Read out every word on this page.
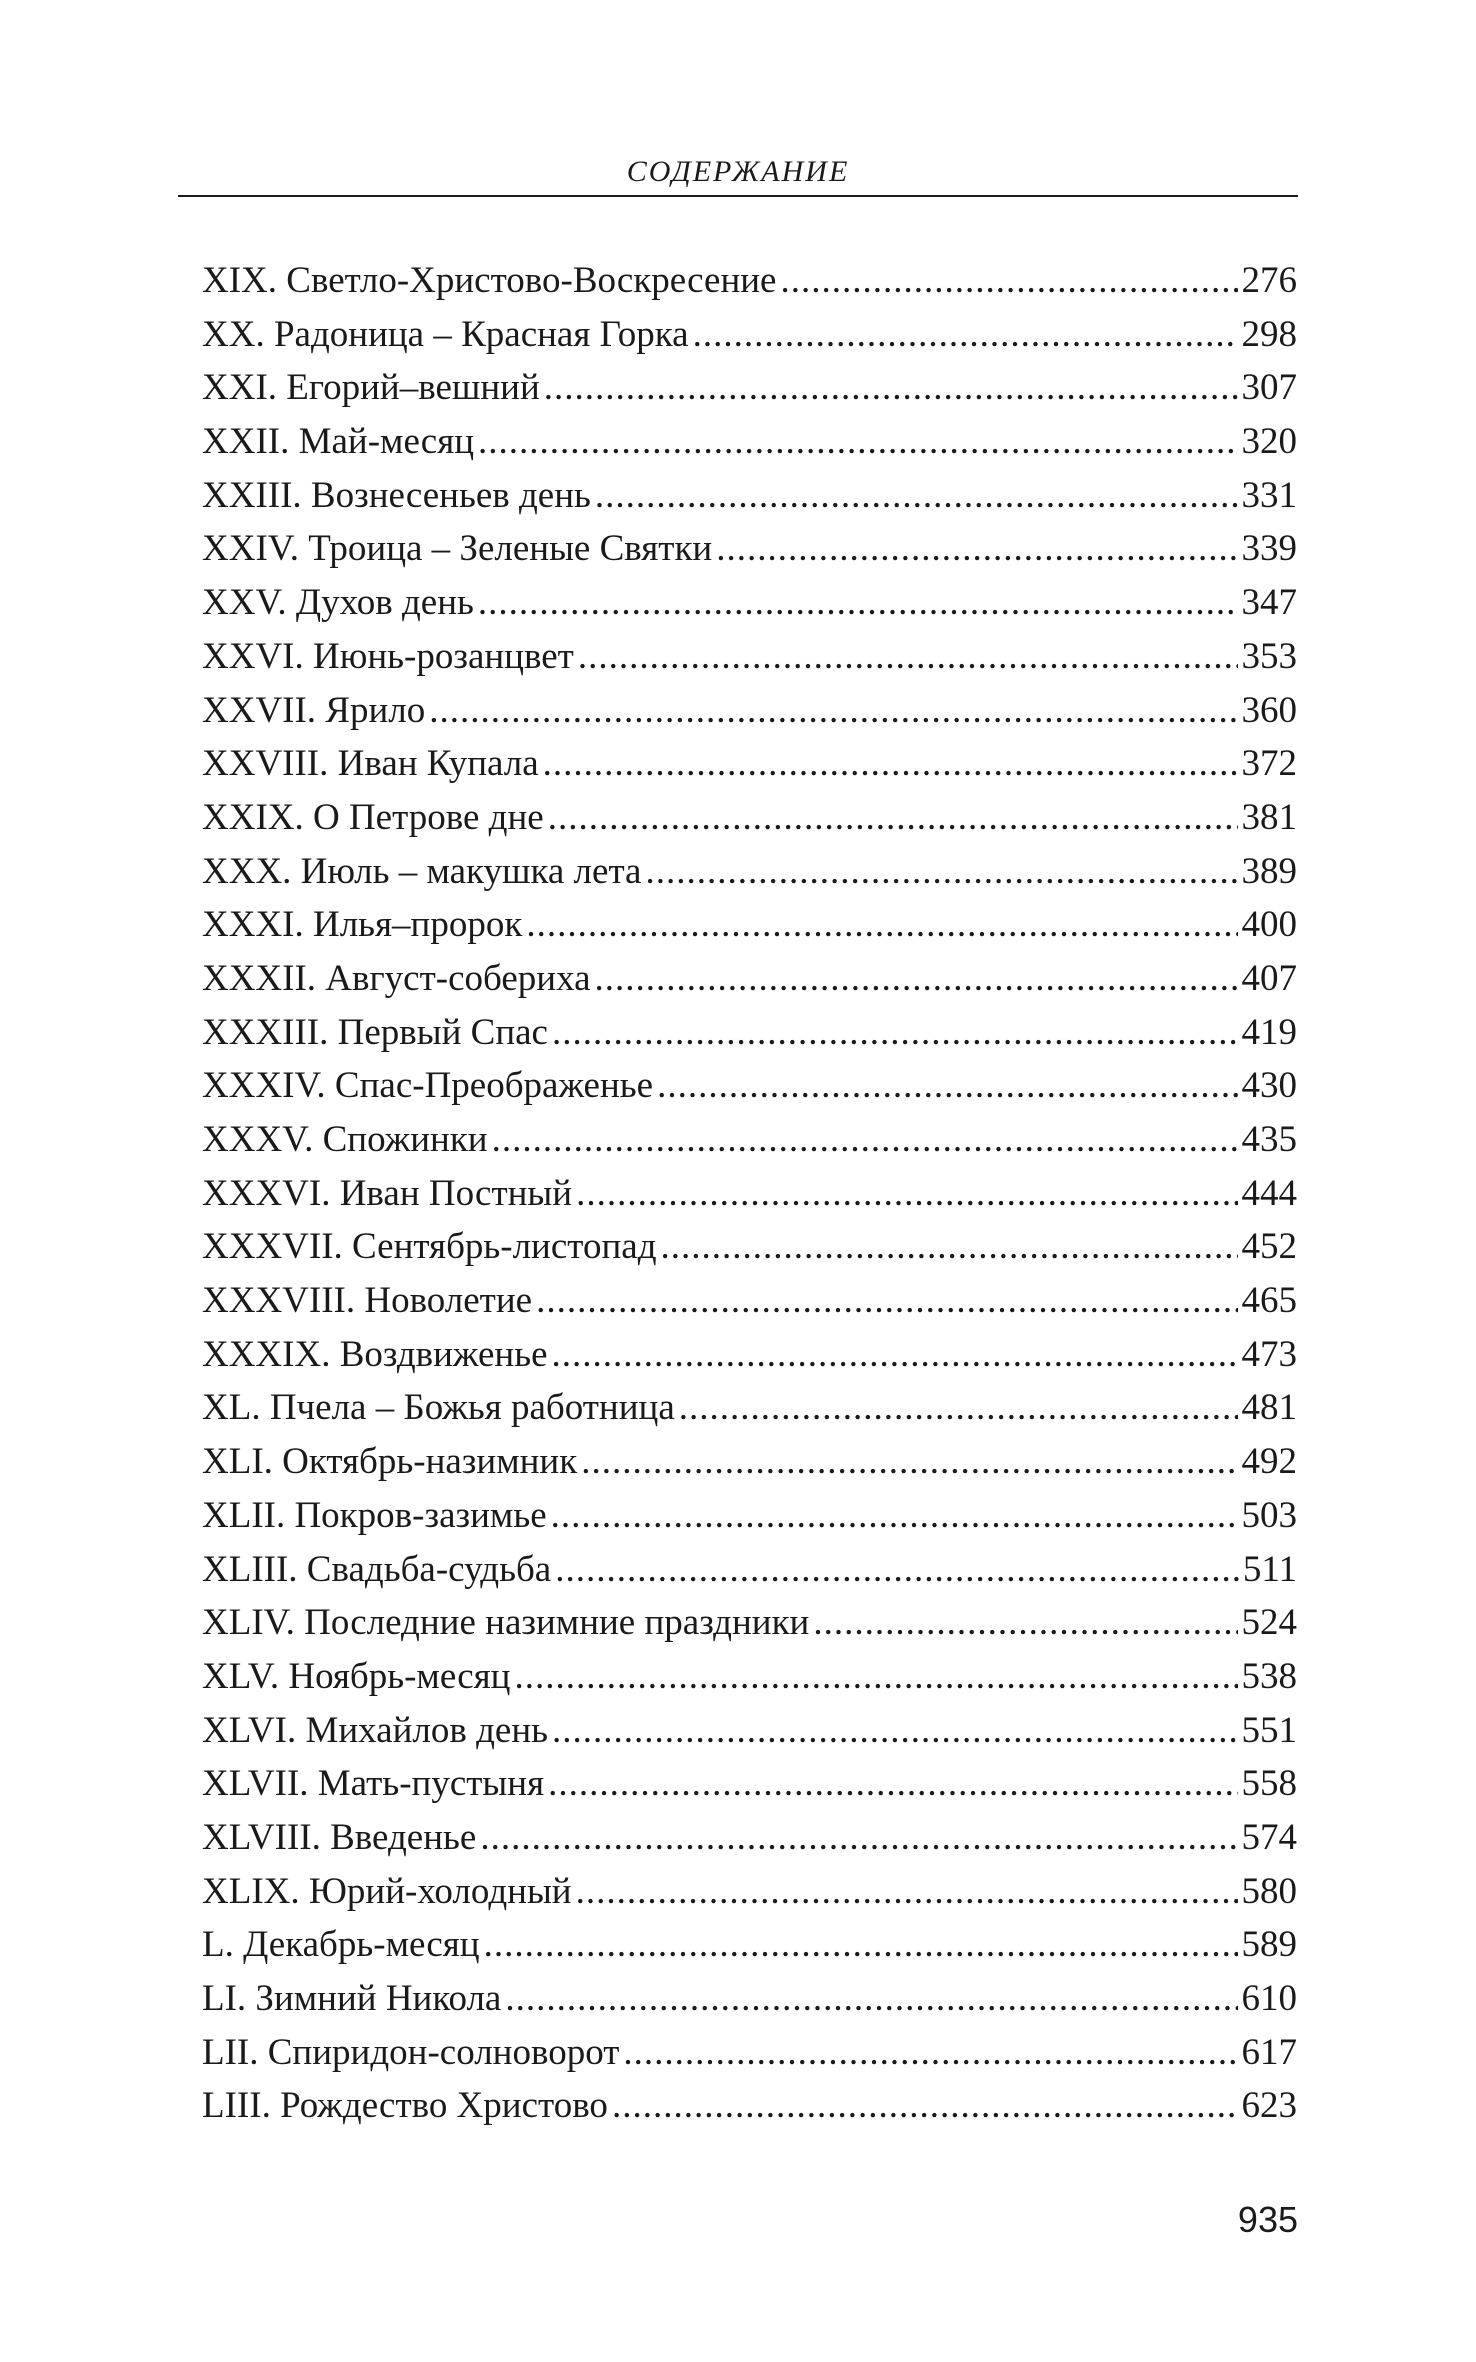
СОДЕРЖАНИЕ
XIX. Светло-Христово-Воскресение .....	276
XX. Радоница – Красная Горка .....	298
XXI. Егорий–вешний .....	307
XXII. Май-месяц .....	320
XXIII. Вознесеньев день .....	331
XXIV. Троица – Зеленые Святки .....	339
XXV. Духов день .....	347
XXVI. Июнь-розанцвет .....	353
XXVII. Ярило .....	360
XXVIII. Иван Купала .....	372
XXIX. О Петрове дне .....	381
XXX. Июль – макушка лета .....	389
XXXI. Илья–пророк .....	400
XXXII. Август-собериха .....	407
XXXIII. Первый Спас .....	419
XXXIV. Спас-Преображенье .....	430
XXXV. Спожинки .....	435
XXXVI. Иван Постный .....	444
XXXVII. Сентябрь-листопад .....	452
XXXVIII. Новолетие .....	465
XXXIX. Воздвиженье .....	473
XL. Пчела – Божья работница .....	481
XLI. Октябрь-назимник .....	492
XLII. Покров-зазимье .....	503
XLIII. Свадьба-судьба .....	511
XLIV. Последние назимние праздники .....	524
XLV. Ноябрь-месяц .....	538
XLVI. Михайлов день .....	551
XLVII. Мать-пустыня .....	558
XLVIII. Введенье .....	574
XLIX. Юрий-холодный .....	580
L. Декабрь-месяц .....	589
LI. Зимний Никола .....	610
LII. Спиридон-солноворот .....	617
LIII. Рождество Христово .....	623
935
